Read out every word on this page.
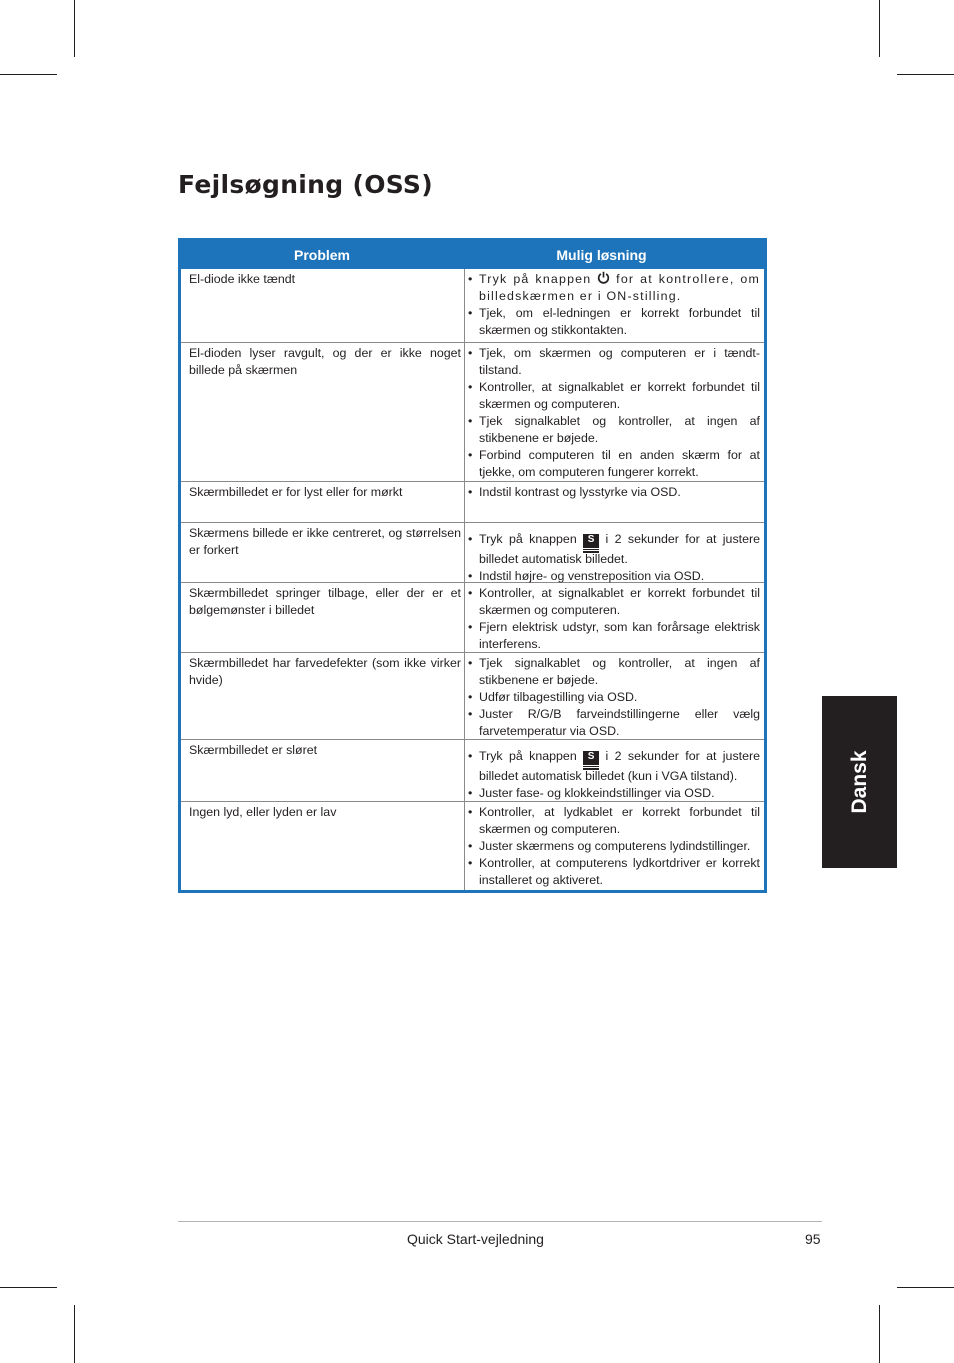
Fejlsøgning (OSS)
Problem	Mulig løsning
El-diode ikke tændt	• Tryk på knappen  for at kontrollere, om billedskærmen er i ON-stilling.
• Tjek, om el-ledningen er korrekt forbundet til skærmen og stikkontakten.
El-dioden lyser ravgult, og der er ikke noget billede på skærmen
• Tjek, om skærmen og computeren er i tændt-tilstand.
• Kontroller, at signalkablet er korrekt forbundet til skærmen og computeren.
• Tjek signalkablet og kontroller, at ingen af stikbenene er bøjede.
• Forbind computeren til en anden skærm for at tjekke, om computeren fungerer korrekt.
Skærmbilledet er for lyst eller for mørkt	• Indstil kontrast og lysstyrke via OSD.
Skærmens billede er ikke centreret, og størrelsen er forkert
• Tryk på knappen S i 2 sekunder for at justere billedet automatisk billedet.
• Indstil højre- og venstreposition via OSD.
Skærmbilledet springer tilbage, eller der er et bølgemønster i billedet
• Kontroller, at signalkablet er korrekt forbundet til skærmen og computeren.
• Fjern elektrisk udstyr, som kan forårsage elektrisk interferens.
Skærmbilledet har farvedefekter (som ikke virker hvide)
• Tjek signalkablet og kontroller, at ingen af stikbenene er bøjede.
• Udfør tilbagestilling via OSD.
• Juster R/G/B farveindstillingerne eller vælg farvetemperatur via OSD.
Skærmbilledet er sløret	• Tryk på knappen S i 2 sekunder for at justere billedet automatisk billedet (kun i VGA tilstand).
• Juster fase- og klokkeindstillinger via OSD.
Ingen lyd, eller lyden er lav	• Kontroller, at lydkablet er korrekt forbundet til skærmen og computeren.
• Juster skærmens og computerens lydindstillinger.
• Kontroller, at computerens lydkortdriver er korrekt installeret og aktiveret.
Dansk
Quick Start-vejledning	95
